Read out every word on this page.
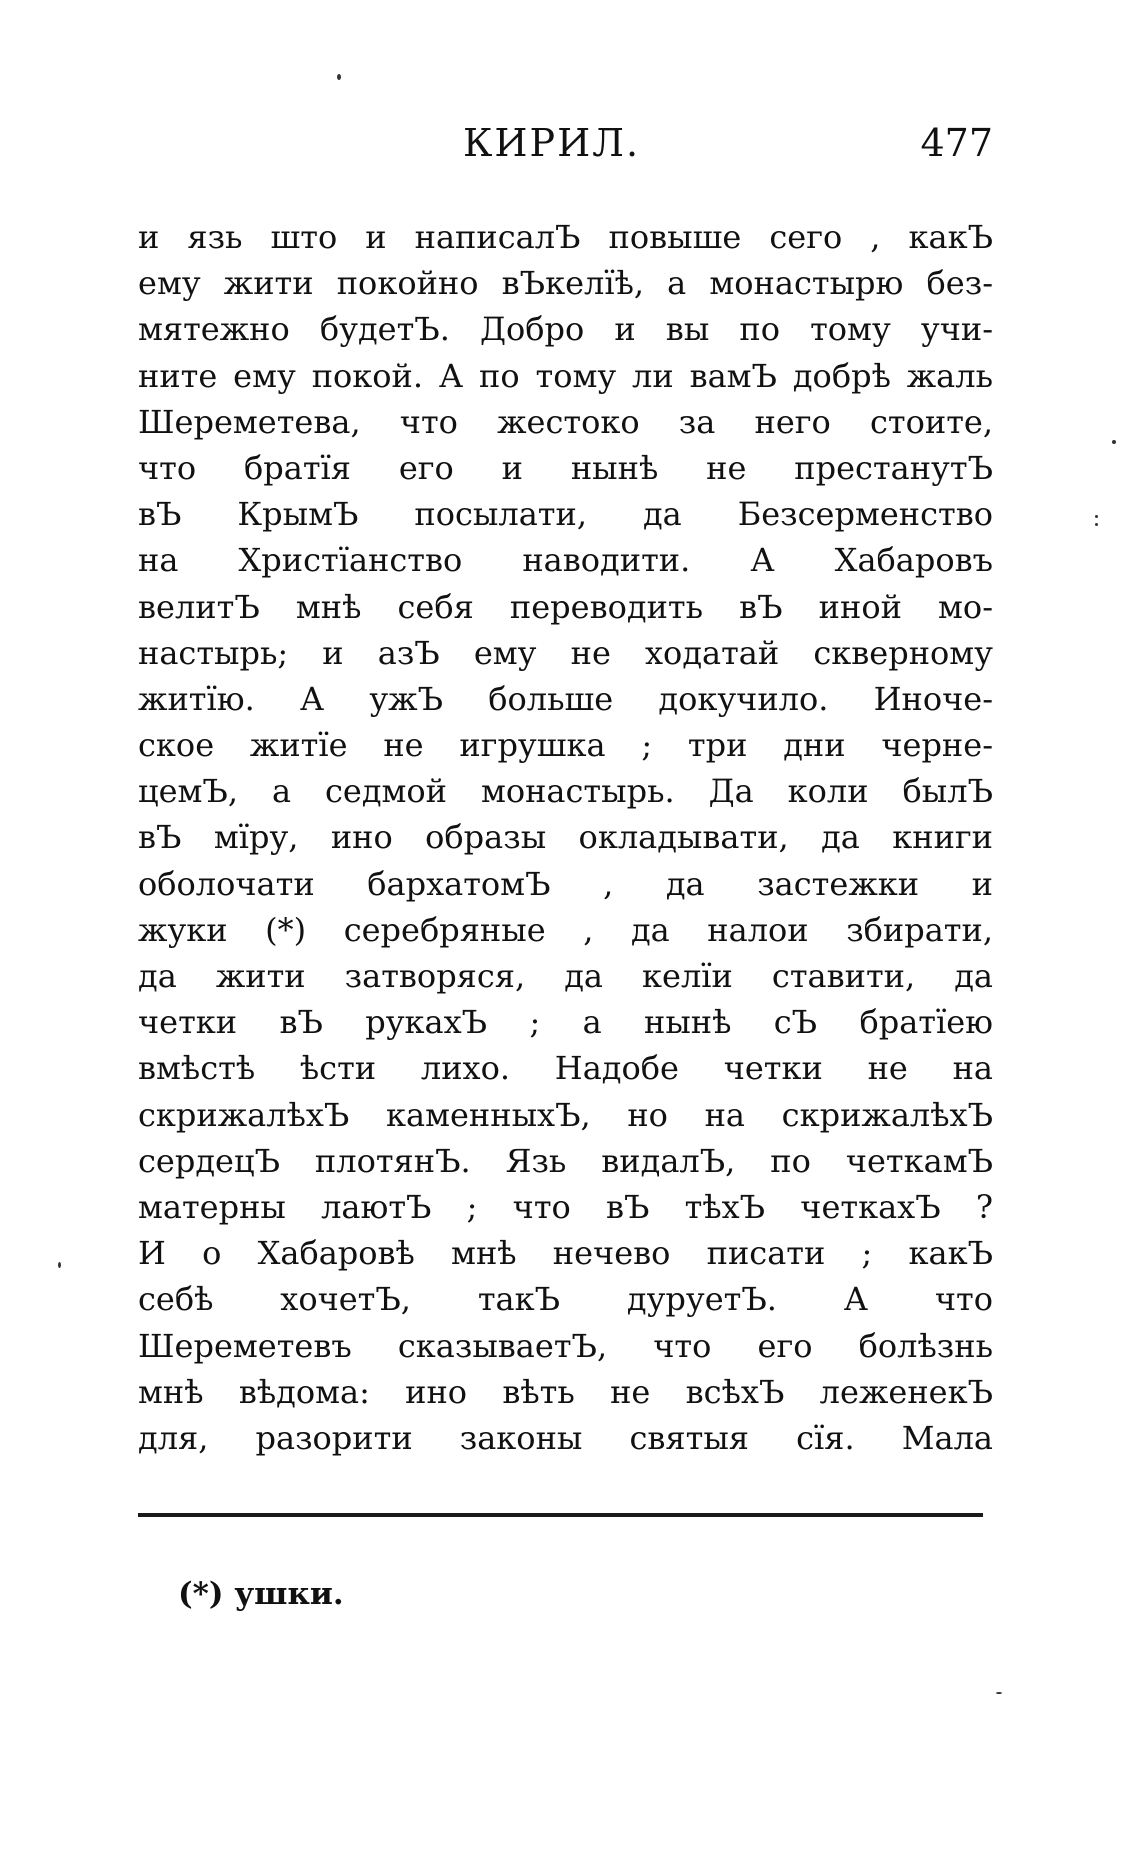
КИРИЛ.	477
и язь што и написалЪ повыше сего , какЪ
ему жити покойно вЪкелїѣ, а монастырю без-
мятежно будетЪ. Добро и вы по тому учи-
ните ему покой. А по тому ли вамЪ добрѣ жаль
Шереметева, что жестоко за него стоите,
что братїя его и нынѣ не престанутЪ
вЪ КрымЪ посылати, да Безсерменство
на Христїанство наводити. А Хабаровъ
велитЪ мнѣ себя переводить вЪ иной мо-
настырь; и азЪ ему не ходатай скверному
житїю. А ужЪ больше докучило. Иноче-
ское житїе не игрушка ; три дни черне-
цемЪ, а седмой монастырь. Да коли былЪ
вЪ мїру, ино образы окладывати, да книги
оболочати бархатомЪ , да застежки и
жуки (*) серебряные , да налои збирати,
да жити затворяся, да келїи ставити, да
четки вЪ рукахЪ ; а нынѣ сЪ братїею
вмѣстѣ ѣсти лихо. Надобе четки не на
скрижалѣхЪ каменныхЪ, но на скрижалѣхЪ
сердецЪ плотянЪ. Язь видалЪ, по четкамЪ
матерны лаютЪ ; что вЪ тѣхЪ четкахЪ ?
И о Хабаровѣ мнѣ нечево писати ; какЪ
себѣ хочетЪ, такЪ дуруетЪ. А что
Шереметевъ сказываетЪ, что его болѣзнь
мнѣ вѣдома: ино вѣть не всѣхЪ леженекЪ
для, разорити законы святыя сїя. Мала
(*) ушки.
